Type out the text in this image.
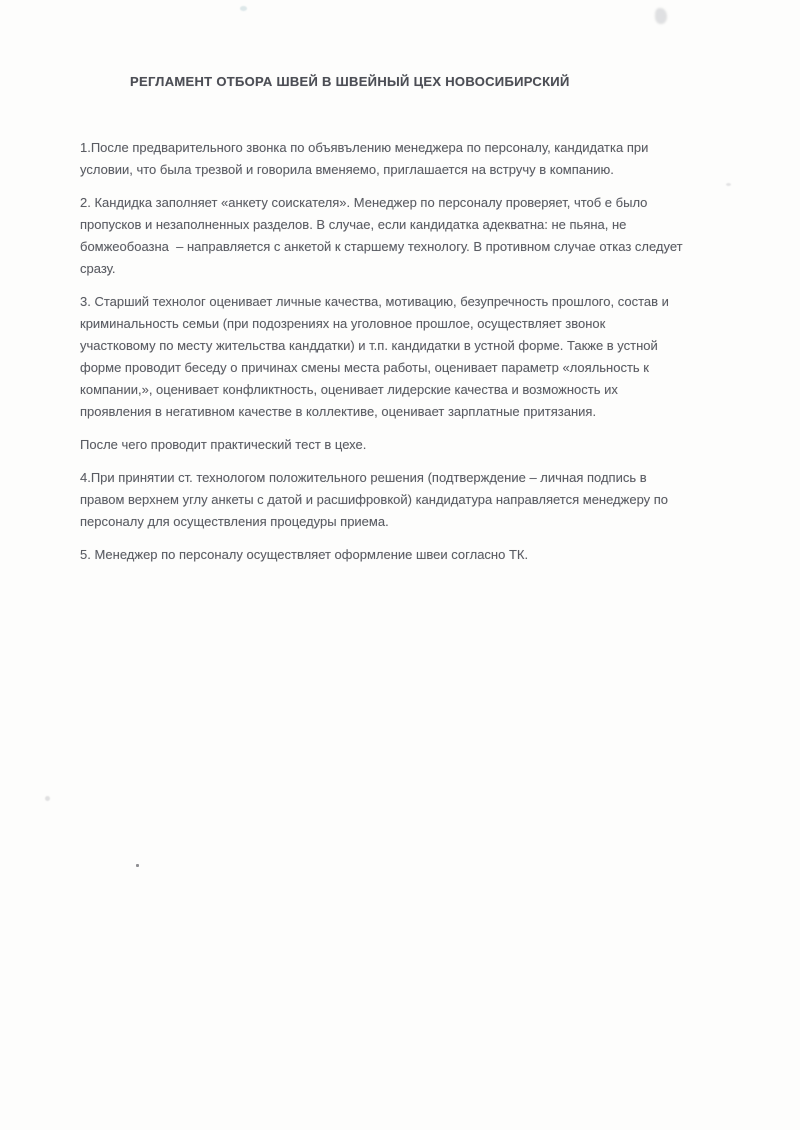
РЕГЛАМЕНТ ОТБОРА ШВЕЙ В ШВЕЙНЫЙ ЦЕХ НОВОСИБИРСКИЙ

1.После предварительного звонка по объявълению менеджера по персоналу, кандидатка при
условии, что была трезвой и говорила вменяемо, приглашается на встручу в компанию.

2. Кандидка заполняет «анкету соискателя». Менеджер по персоналу проверяет, чтоб е было
пропусков и незаполненных разделов. В случае, если кандидатка адекватна: не пьяна, не
бомжеобоазна  – направляется с анкетой к старшему технологу. В противном случае отказ следует
сразу.

3. Старший технолог оценивает личные качества, мотивацию, безупречность прошлого, состав и
криминальность семьи (при подозрениях на уголовное прошлое, осуществляет звонок
участковому по месту жительства канддатки) и т.п. кандидатки в устной форме. Также в устной
форме проводит беседу о причинах смены места работы, оценивает параметр «лояльность к
компании,», оценивает конфликтность, оценивает лидерские качества и возможность их
проявления в негативном качестве в коллективе, оценивает зарплатные притязания.

После чего проводит практический тест в цехе.

4.При принятии ст. технологом положительного решения (подтверждение – личная подпись в
правом верхнем углу анкеты с датой и расшифровкой) кандидатура направляется менеджеру по
персоналу для осуществления процедуры приема.

5. Менеджер по персоналу осуществляет оформление швеи согласно ТК.
